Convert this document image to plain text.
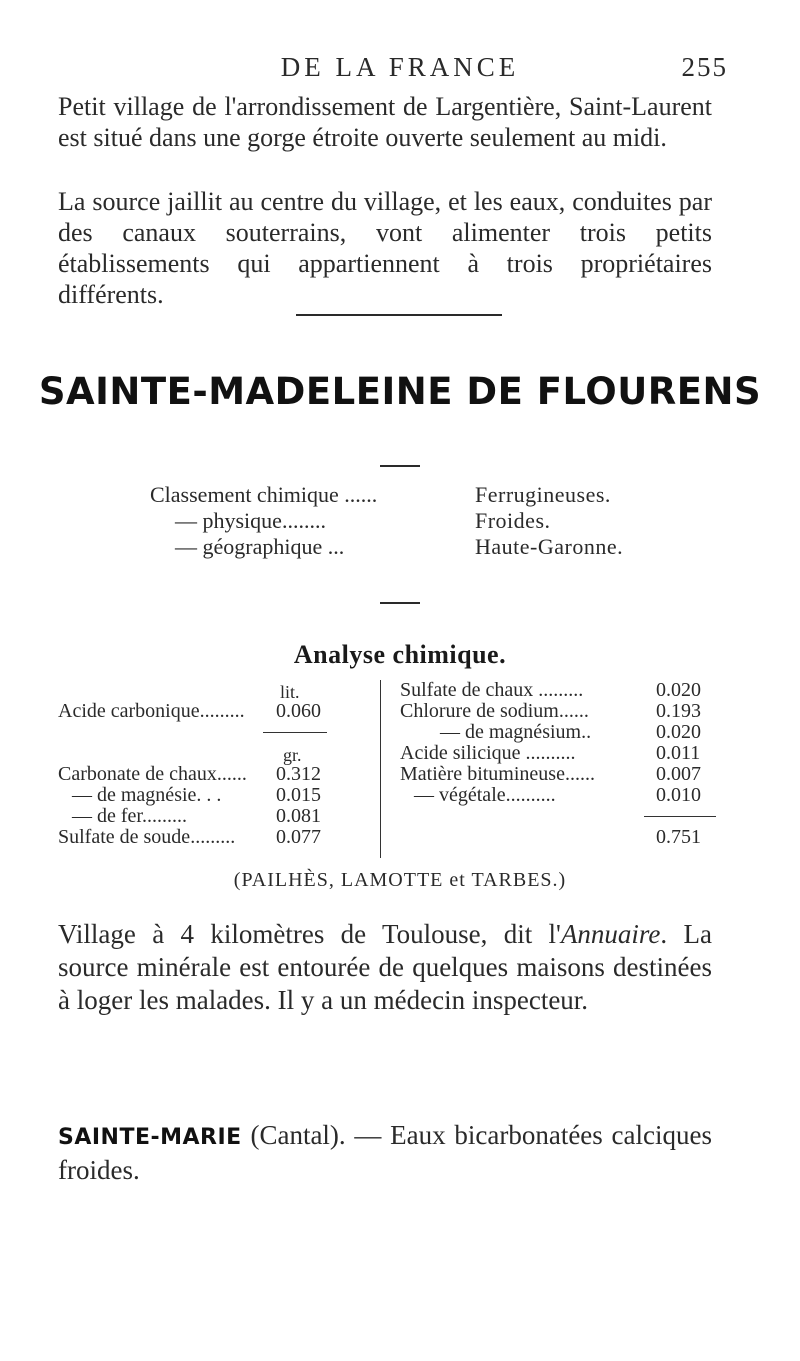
DE LA FRANCE	255
Petit village de l'arrondissement de Largentière, Saint-Laurent est situé dans une gorge étroite ouverte seulement au midi.
La source jaillit au centre du village, et les eaux, conduites par des canaux souterrains, vont alimenter trois petits établissements qui appartiennent à trois propriétaires différents.
SAINTE-MADELEINE DE FLOURENS
Classement chimique ......	Ferrugineuses.
— physique........	Froides.
— géographique ...	Haute-Garonne.
Analyse chimique.
lit.
Acide carbonique......... 0.060
gr.
Carbonate de chaux...... 0.312
— de magnésie. . .	0.015
— de fer.........	0.081
Sulfate de soude......... 0.077
Sulfate de chaux .........	0.020
Chlorure de sodium......	0.193
— de magnésium..	0.020
Acide silicique ..........	0.011
Matière bitumineuse......	0.007
— végétale..........	0.010
0.751
(PAILHÈS, LAMOTTE et TARBES.)
Village à 4 kilomètres de Toulouse, dit l'Annuaire. La source minérale est entourée de quelques maisons destinées à loger les malades. Il y a un médecin inspecteur.
SAINTE-MARIE (Cantal). — Eaux bicarbonatées calciques froides.
